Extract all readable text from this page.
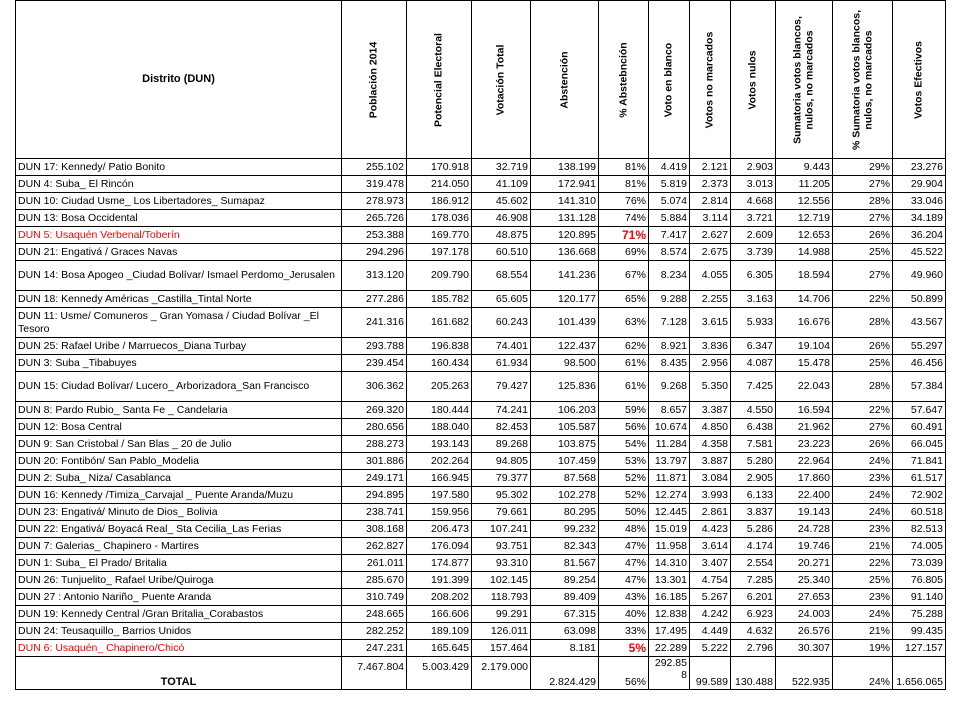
Distrito (DUN)	Población 2014	Potencial Electoral	Votación Total	Abstención	% Abstebnción	Voto en blanco	Votos no marcados	Votos nulos	Sumatoria votos blancos, nulos, no marcados	% Sumatoria votos blancos, nulos, no marcados	Votos Efectivos

DUN 17: Kennedy/ Patio Bonito	255.102	170.918	32.719	138.199	81%	4.419	2.121	2.903	9.443	29%	23.276
DUN 4: Suba_ El Rincón	319.478	214.050	41.109	172.941	81%	5.819	2.373	3.013	11.205	27%	29.904
DUN 10: Ciudad Usme_ Los Libertadores_ Sumapaz	278.973	186.912	45.602	141.310	76%	5.074	2.814	4.668	12.556	28%	33.046
DUN 13: Bosa Occidental	265.726	178.036	46.908	131.128	74%	5.884	3.114	3.721	12.719	27%	34.189
DUN 5: Usaquén Verbenal/Toberín	253.388	169.770	48.875	120.895	71%	7.417	2.627	2.609	12.653	26%	36.204
DUN 21: Engativá / Graces Navas	294.296	197.178	60.510	136.668	69%	8.574	2.675	3.739	14.988	25%	45.522
DUN 14: Bosa Apogeo _Ciudad Bolívar/ Ismael Perdomo_Jerusalen	313.120	209.790	68.554	141.236	67%	8.234	4.055	6.305	18.594	27%	49.960
DUN 18: Kennedy Américas _Castilla_Tintal Norte	277.286	185.782	65.605	120.177	65%	9.288	2.255	3.163	14.706	22%	50.899
DUN 11: Usme/ Comuneros _ Gran Yomasa / Ciudad Bolívar _El Tesoro	241.316	161.682	60.243	101.439	63%	7.128	3.615	5.933	16.676	28%	43.567
DUN 25: Rafael Uribe / Marruecos_Diana Turbay	293.788	196.838	74.401	122.437	62%	8.921	3.836	6.347	19.104	26%	55.297
DUN 3: Suba _Tibabuyes	239.454	160.434	61.934	98.500	61%	8.435	2.956	4.087	15.478	25%	46.456
DUN 15: Ciudad Bolívar/ Lucero_ Arborizadora_San Francisco	306.362	205.263	79.427	125.836	61%	9.268	5.350	7.425	22.043	28%	57.384
DUN 8: Pardo Rubio_ Santa Fe _ Candelaria	269.320	180.444	74.241	106.203	59%	8.657	3.387	4.550	16.594	22%	57.647
DUN 12: Bosa Central	280.656	188.040	82.453	105.587	56%	10.674	4.850	6.438	21.962	27%	60.491
DUN 9: San Cristobal / San Blas _ 20 de Julio	288.273	193.143	89.268	103.875	54%	11.284	4.358	7.581	23.223	26%	66.045
DUN 20: Fontibón/ San Pablo_Modelia	301.886	202.264	94.805	107.459	53%	13.797	3.887	5.280	22.964	24%	71.841
DUN 2: Suba_ Niza/ Casablanca	249.171	166.945	79.377	87.568	52%	11.871	3.084	2.905	17.860	23%	61.517
DUN 16: Kennedy /Timiza_Carvajal _ Puente Aranda/Muzu	294.895	197.580	95.302	102.278	52%	12.274	3.993	6.133	22.400	24%	72.902
DUN 23: Engativá/ Minuto de Dios_ Bolivia	238.741	159.956	79.661	80.295	50%	12.445	2.861	3.837	19.143	24%	60.518
DUN 22: Engativá/ Boyacá Real_ Sta Cecilia_Las Ferias	308.168	206.473	107.241	99.232	48%	15.019	4.423	5.286	24.728	23%	82.513
DUN 7: Galerias_ Chapinero - Martires	262.827	176.094	93.751	82.343	47%	11.958	3.614	4.174	19.746	21%	74.005
DUN 1: Suba_ El Prado/ Britalia	261.011	174.877	93.310	81.567	47%	14.310	3.407	2.554	20.271	22%	73.039
DUN 26: Tunjuelito_ Rafael Uribe/Quiroga	285.670	191.399	102.145	89.254	47%	13.301	4.754	7.285	25.340	25%	76.805
DUN 27 : Antonio Nariño_ Puente Aranda	310.749	208.202	118.793	89.409	43%	16.185	5.267	6.201	27.653	23%	91.140
DUN 19: Kennedy Central /Gran Britalia_Corabastos	248.665	166.606	99.291	67.315	40%	12.838	4.242	6.923	24.003	24%	75.288
DUN 24: Teusaquillo_ Barrios Unidos	282.252	189.109	126.011	63.098	33%	17.495	4.449	4.632	26.576	21%	99.435
DUN 6: Usaquén_ Chapinero/Chicó	247.231	165.645	157.464	8.181	5%	22.289	5.222	2.796	30.307	19%	127.157
TOTAL	7.467.804	5.003.429	2.179.000	2.824.429	56%	292.85 8	99.589	130.488	522.935	24%	1.656.065
